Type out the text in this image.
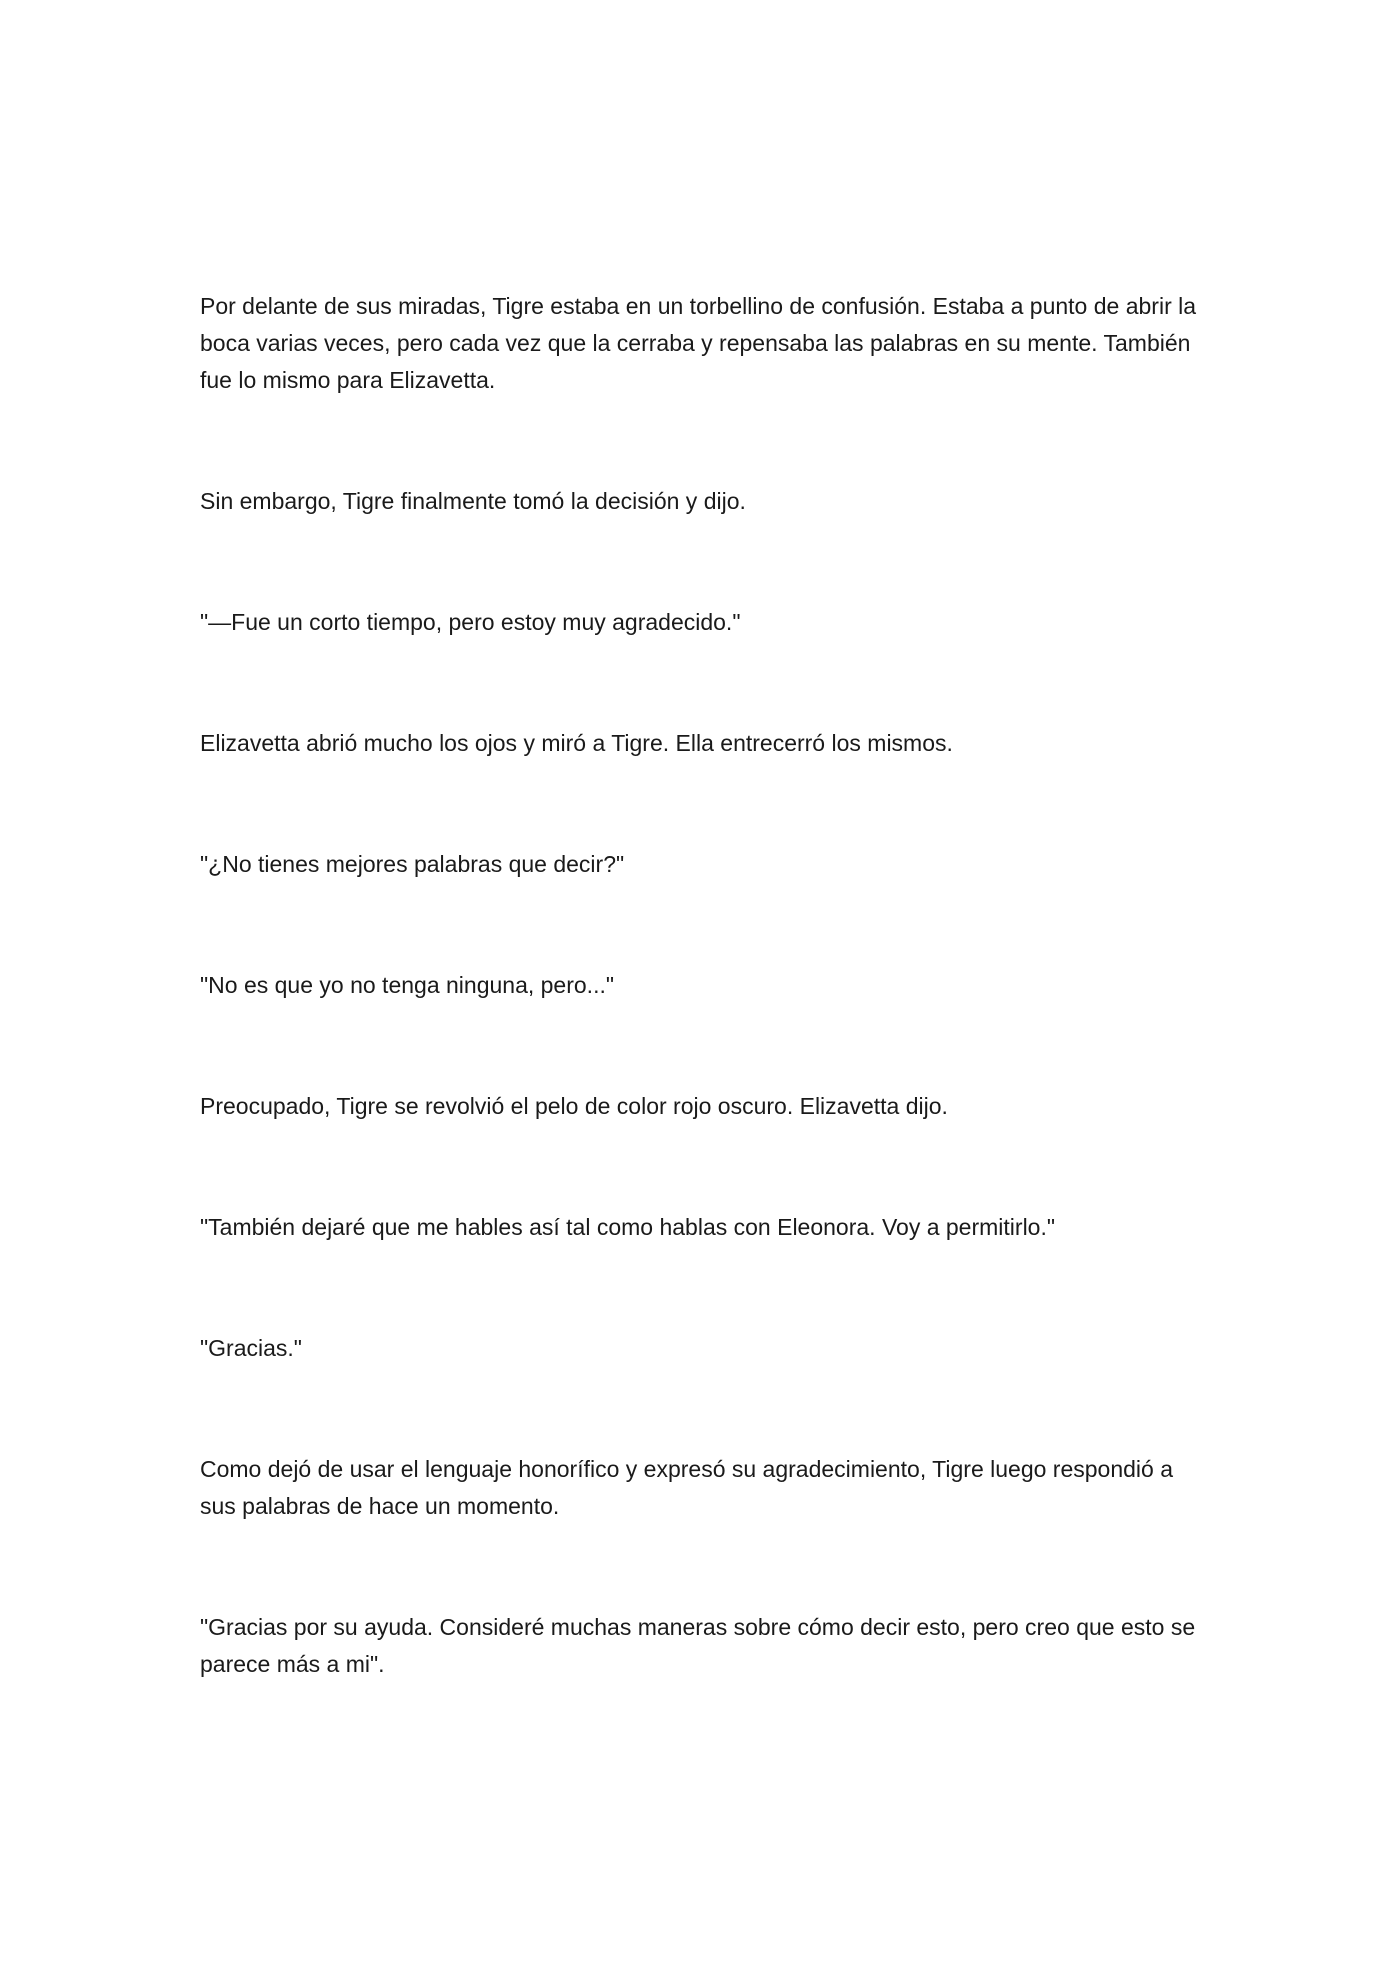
Por delante de sus miradas, Tigre estaba en un torbellino de confusión. Estaba a punto de abrir la boca varias veces, pero cada vez que la cerraba y repensaba las palabras en su mente. También fue lo mismo para Elizavetta.

Sin embargo, Tigre finalmente tomó la decisión y dijo.

"—Fue un corto tiempo, pero estoy muy agradecido."

Elizavetta abrió mucho los ojos y miró a Tigre. Ella entrecerró los mismos.

"¿No tienes mejores palabras que decir?"

"No es que yo no tenga ninguna, pero..."

Preocupado, Tigre se revolvió el pelo de color rojo oscuro. Elizavetta dijo.

"También dejaré que me hables así tal como hablas con Eleonora. Voy a permitirlo."

"Gracias."

Como dejó de usar el lenguaje honorífico y expresó su agradecimiento, Tigre luego respondió a sus palabras de hace un momento.

"Gracias por su ayuda. Consideré muchas maneras sobre cómo decir esto, pero creo que esto se parece más a mi".
